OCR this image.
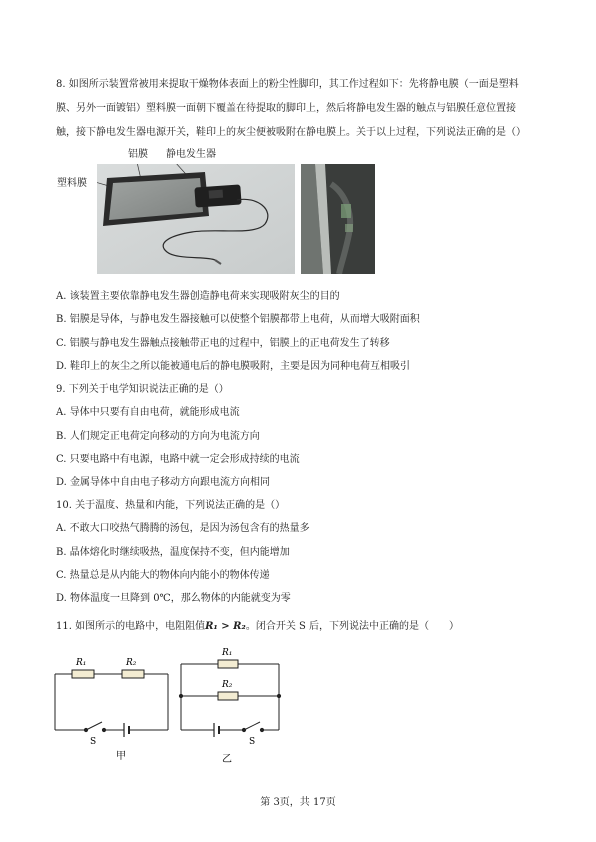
8. 如图所示装置常被用来提取干燥物体表面上的粉尘性脚印，其工作过程如下：先将静电膜（一面是塑料
膜、另外一面镀铝）塑料膜一面朝下覆盖在待提取的脚印上，然后将静电发生器的触点与铝膜任意位置接
触，接下静电发生器电源开关，鞋印上的灰尘便被吸附在静电膜上。关于以上过程，下列说法正确的是（）
铝膜 静电发生器
塑料膜
A. 该装置主要依靠静电发生器创造静电荷来实现吸附灰尘的目的
B. 铝膜是导体，与静电发生器接触可以使整个铝膜都带上电荷，从而增大吸附面积
C. 铝膜与静电发生器触点接触带正电的过程中，铝膜上的正电荷发生了转移
D. 鞋印上的灰尘之所以能被通电后的静电膜吸附，主要是因为同种电荷互相吸引
9. 下列关于电学知识说法正确的是（）
A. 导体中只要有自由电荷，就能形成电流
B. 人们规定正电荷定向移动的方向为电流方向
C. 只要电路中有电源，电路中就一定会形成持续的电流
D. 金属导体中自由电子移动方向跟电流方向相同
10. 关于温度、热量和内能，下列说法正确的是（）
A. 不敢大口咬热气腾腾的汤包，是因为汤包含有的热量多
B. 晶体熔化时继续吸热，温度保持不变，但内能增加
C. 热量总是从内能大的物体向内能小的物体传递
D. 物体温度一旦降到 0℃，那么物体的内能就变为零
11. 如图所示的电路中，电阻阻值R₁ > R₂。闭合开关 S 后，下列说法中正确的是（　　）
R₁	R₂
S
甲
R₁
R₂
S
乙
第 3页，共 17页
